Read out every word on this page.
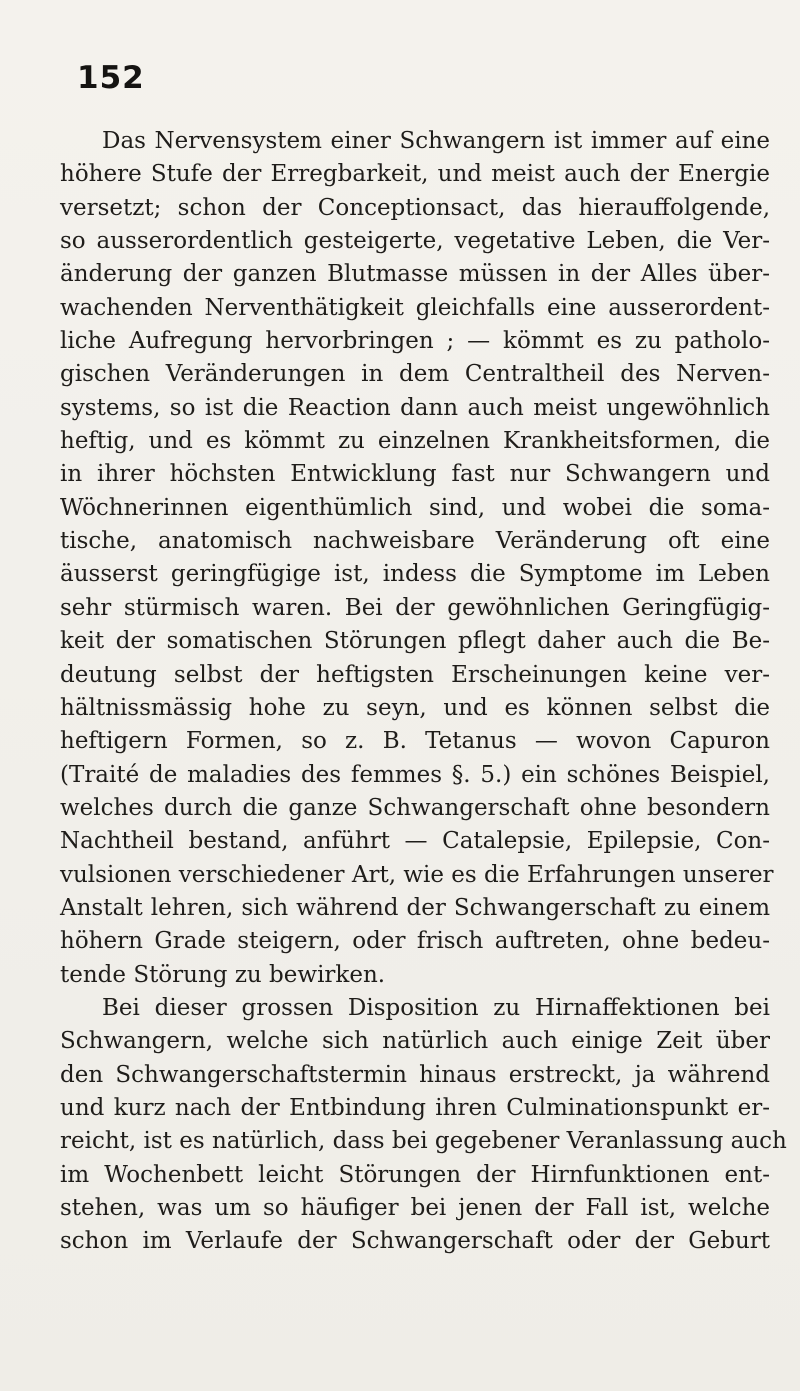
152
Das Nervensystem einer Schwangern ist immer auf eine
höhere Stufe der Erregbarkeit, und meist auch der Energie
versetzt; schon der Conceptionsact, das hierauffolgende,
so ausserordentlich gesteigerte, vegetative Leben, die Ver-
änderung der ganzen Blutmasse müssen in der Alles über-
wachenden Nerventhätigkeit gleichfalls eine ausserordent-
liche Aufregung hervorbringen ; — kömmt es zu patholo-
gischen Veränderungen in dem Centraltheil des Nerven-
systems, so ist die Reaction dann auch meist ungewöhnlich
heftig, und es kömmt zu einzelnen Krankheitsformen, die
in ihrer höchsten Entwicklung fast nur Schwangern und
Wöchnerinnen eigenthümlich sind, und wobei die soma-
tische, anatomisch nachweisbare Veränderung oft eine
äusserst geringfügige ist, indess die Symptome im Leben
sehr stürmisch waren. Bei der gewöhnlichen Geringfügig-
keit der somatischen Störungen pflegt daher auch die Be-
deutung selbst der heftigsten Erscheinungen keine ver-
hältnissmässig hohe zu seyn, und es können selbst die
heftigern Formen, so z. B. Tetanus — wovon Capuron
(Traité de maladies des femmes §. 5.) ein schönes Beispiel,
welches durch die ganze Schwangerschaft ohne besondern
Nachtheil bestand, anführt — Catalepsie, Epilepsie, Con-
vulsionen verschiedener Art, wie es die Erfahrungen unserer
Anstalt lehren, sich während der Schwangerschaft zu einem
höhern Grade steigern, oder frisch auftreten, ohne bedeu-
tende Störung zu bewirken.
Bei dieser grossen Disposition zu Hirnaffektionen bei
Schwangern, welche sich natürlich auch einige Zeit über
den Schwangerschaftstermin hinaus erstreckt, ja während
und kurz nach der Entbindung ihren Culminationspunkt er-
reicht, ist es natürlich, dass bei gegebener Veranlassung auch
im Wochenbett leicht Störungen der Hirnfunktionen ent-
stehen, was um so häufiger bei jenen der Fall ist, welche
schon im Verlaufe der Schwangerschaft oder der Geburt
